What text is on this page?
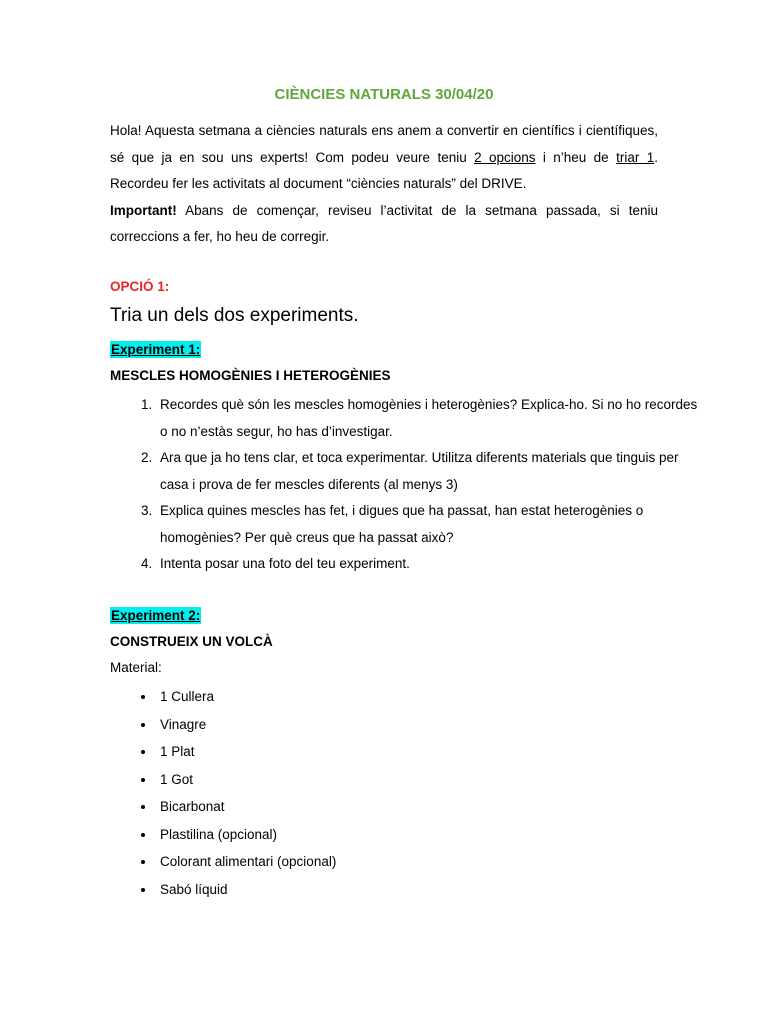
CIÈNCIES NATURALS 30/04/20

Hola! Aquesta setmana a ciències naturals ens anem a convertir en científics i científiques, sé que ja en sou uns experts! Com podeu veure teniu 2 opcions i n’heu de triar 1. Recordeu fer les activitats al document “ciències naturals” del DRIVE.

Important! Abans de començar, reviseu l’activitat de la setmana passada, si teniu correccions a fer, ho heu de corregir.

OPCIÓ 1:
Tria un dels dos experiments.
Experiment 1:
MESCLES HOMOGÈNIES I HETEROGÈNIES
1. Recordes què són les mescles homogènies i heterogènies? Explica-ho. Si no ho recordes o no n’estàs segur, ho has d’investigar.
2. Ara que ja ho tens clar, et toca experimentar. Utilitza diferents materials que tinguis per casa i prova de fer mescles diferents (al menys 3)
3. Explica quines mescles has fet, i digues que ha passat, han estat heterogènies o homogènies? Per què creus que ha passat això?
4. Intenta posar una foto del teu experiment.
Experiment 2:
CONSTRUEIX UN VOLCÀ
Material:
• 1 Cullera
• Vinagre
• 1 Plat
• 1 Got
• Bicarbonat
• Plastilina (opcional)
• Colorant alimentari (opcional)
• Sabó líquid
